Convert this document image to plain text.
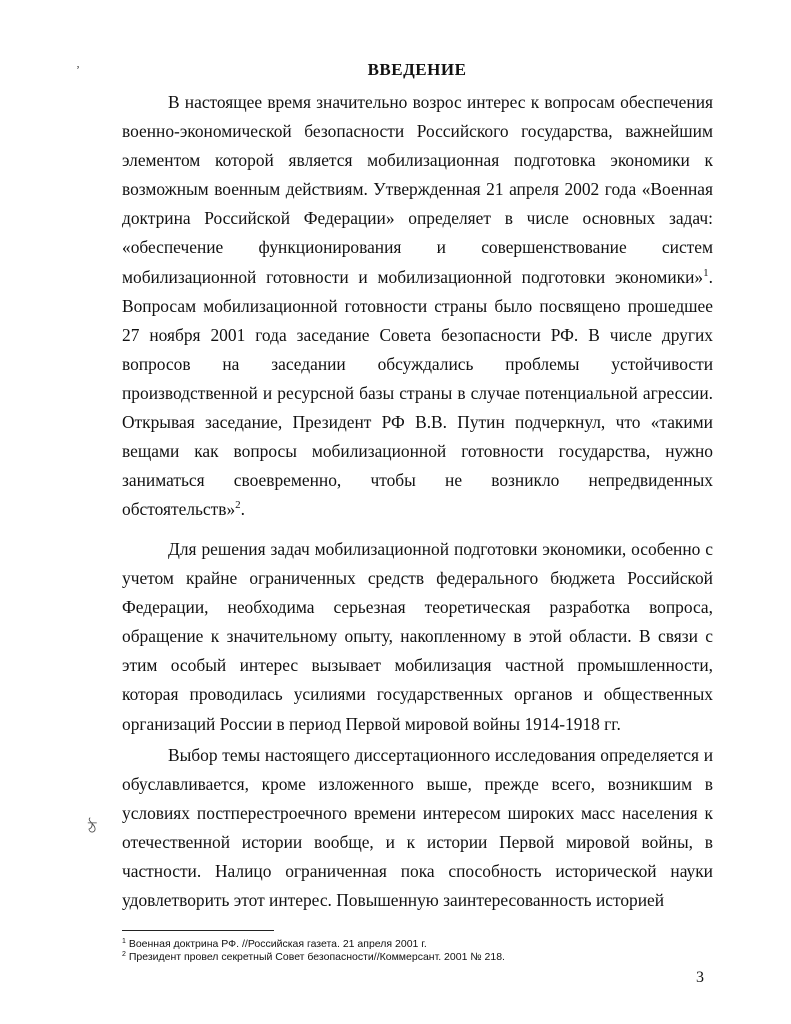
ʼ
ঠ
ВВЕДЕНИЕ

В настоящее время значительно возрос интерес к вопросам обеспечения военно-экономической безопасности Российского государства, важнейшим элементом которой является мобилизационная подготовка экономики к возможным военным действиям. Утвержденная 21 апреля 2002 года «Военная доктрина Российской Федерации» определяет в числе основных задач: «обеспечение функционирования и совершенствование систем мобилизационной готовности и мобилизационной подготовки экономики»$^1$. Вопросам мобилизационной готовности страны было посвящено прошедшее 27 ноября 2001 года заседание Совета безопасности РФ. В числе других вопросов на заседании обсуждались проблемы устойчивости производственной и ресурсной базы страны в случае потенциальной агрессии. Открывая заседание, Президент РФ В.В. Путин подчеркнул, что «такими вещами как вопросы мобилизационной готовности государства, нужно заниматься своевременно, чтобы не возникло непредвиденных обстоятельств»$^2$.

Для решения задач мобилизационной подготовки экономики, особенно с учетом крайне ограниченных средств федерального бюджета Российской Федерации, необходима серьезная теоретическая разработка вопроса, обращение к значительному опыту, накопленному в этой области. В связи с этим особый интерес вызывает мобилизация частной промышленности, которая проводилась усилиями государственных органов и общественных организаций России в период Первой мировой войны 1914-1918 гг.

Выбор темы настоящего диссертационного исследования определяется и обуславливается, кроме изложенного выше, прежде всего, возникшим в условиях постперестроечного времени интересом широких масс населения к отечественной истории вообще, и к истории Первой мировой войны, в частности. Налицо ограниченная пока способность исторической науки удовлетворить этот интерес. Повышенную заинтересованность историей

$^1$ Военная доктрина РФ. //Российская газета. 21 апреля 2001 г.

$^2$ Президент провел секретный Совет безопасности//Коммерсант. 2001 № 218.

3
